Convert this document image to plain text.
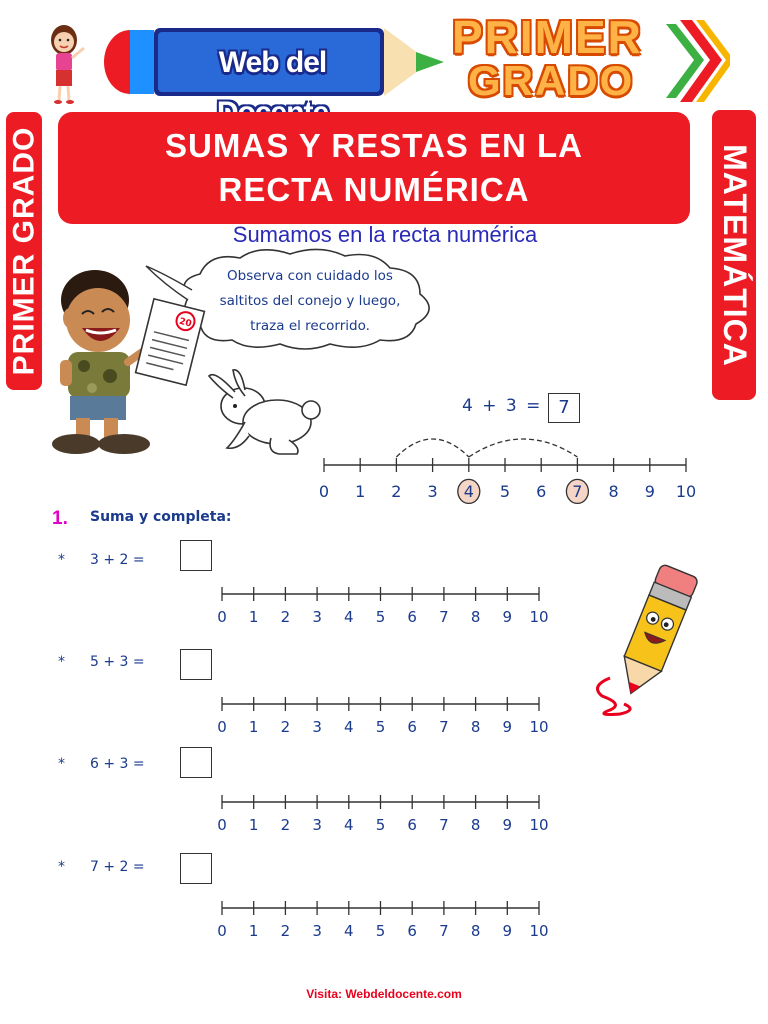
Web del	PRIMER
GRADO
PRIMER GRADO	MATEMÁTICA
SUMAS Y RESTAS EN LA
RECTA NUMÉRICA
Sumamos en la recta numérica
Observa con cuidado los
saltitos del conejo y luego,
traza el recorrido.
20
4 + 3 = 7
0 1 2 3 4 5 6 7 8 9 10
1.	Suma y completa:
*	3 + 2 =
0 1 2 3 4 5 6 7 8 9 10
*	5 + 3 =
0 1 2 3 4 5 6 7 8 9 10
*	6 + 3 =
0 1 2 3 4 5 6 7 8 9 10
*	7 + 2 =
0 1 2 3 4 5 6 7 8 9 10
Visita: Webdeldocente.com
